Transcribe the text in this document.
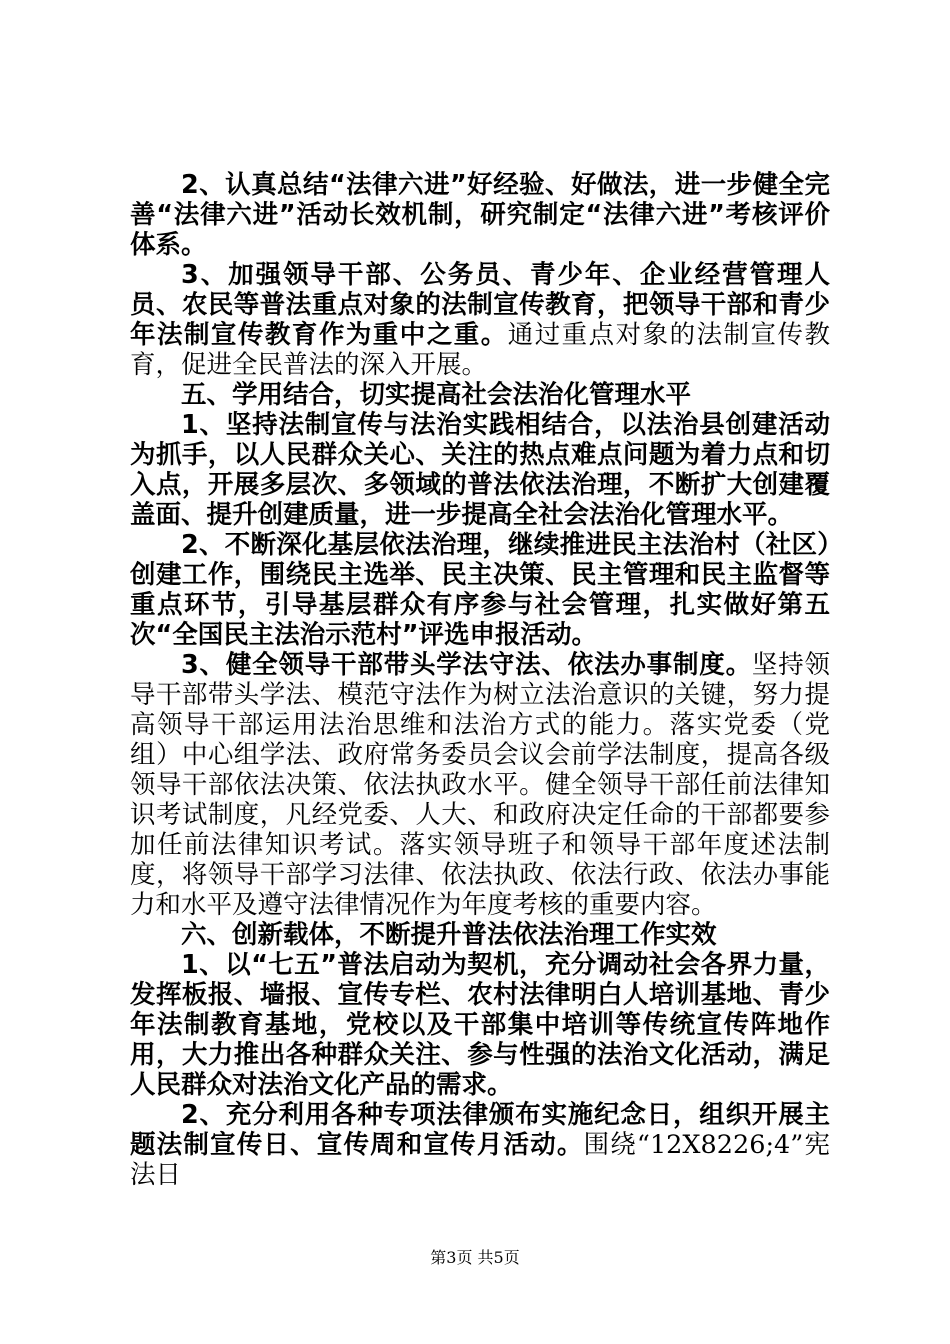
2、认真总结“法律六进”好经验、好做法，进一步健全完善“法律六进”活动长效机制，研究制定“法律六进”考核评价体系。

3、加强领导干部、公务员、青少年、企业经营管理人员、农民等普法重点对象的法制宣传教育，把领导干部和青少年法制宣传教育作为重中之重。通过重点对象的法制宣传教育，促进全民普法的深入开展。

五、学用结合，切实提高社会法治化管理水平

1、坚持法制宣传与法治实践相结合，以法治县创建活动为抓手，以人民群众关心、关注的热点难点问题为着力点和切入点，开展多层次、多领域的普法依法治理，不断扩大创建覆盖面、提升创建质量，进一步提高全社会法治化管理水平。

2、不断深化基层依法治理，继续推进民主法治村（社区）创建工作，围绕民主选举、民主决策、民主管理和民主监督等重点环节，引导基层群众有序参与社会管理，扎实做好第五次“全国民主法治示范村”评选申报活动。

3、健全领导干部带头学法守法、依法办事制度。坚持领导干部带头学法、模范守法作为树立法治意识的关键，努力提高领导干部运用法治思维和法治方式的能力。落实党委（党组）中心组学法、政府常务委员会议会前学法制度，提高各级领导干部依法决策、依法执政水平。健全领导干部任前法律知识考试制度，凡经党委、人大、和政府决定任命的干部都要参加任前法律知识考试。落实领导班子和领导干部年度述法制度，将领导干部学习法律、依法执政、依法行政、依法办事能力和水平及遵守法律情况作为年度考核的重要内容。

六、创新载体，不断提升普法依法治理工作实效

1、以“七五”普法启动为契机，充分调动社会各界力量，发挥板报、墙报、宣传专栏、农村法律明白人培训基地、青少年法制教育基地，党校以及干部集中培训等传统宣传阵地作用，大力推出各种群众关注、参与性强的法治文化活动，满足人民群众对法治文化产品的需求。

2、充分利用各种专项法律颁布实施纪念日，组织开展主题法制宣传日、宣传周和宣传月活动。围绕“12X8226;4”宪法日

第3页 共5页
